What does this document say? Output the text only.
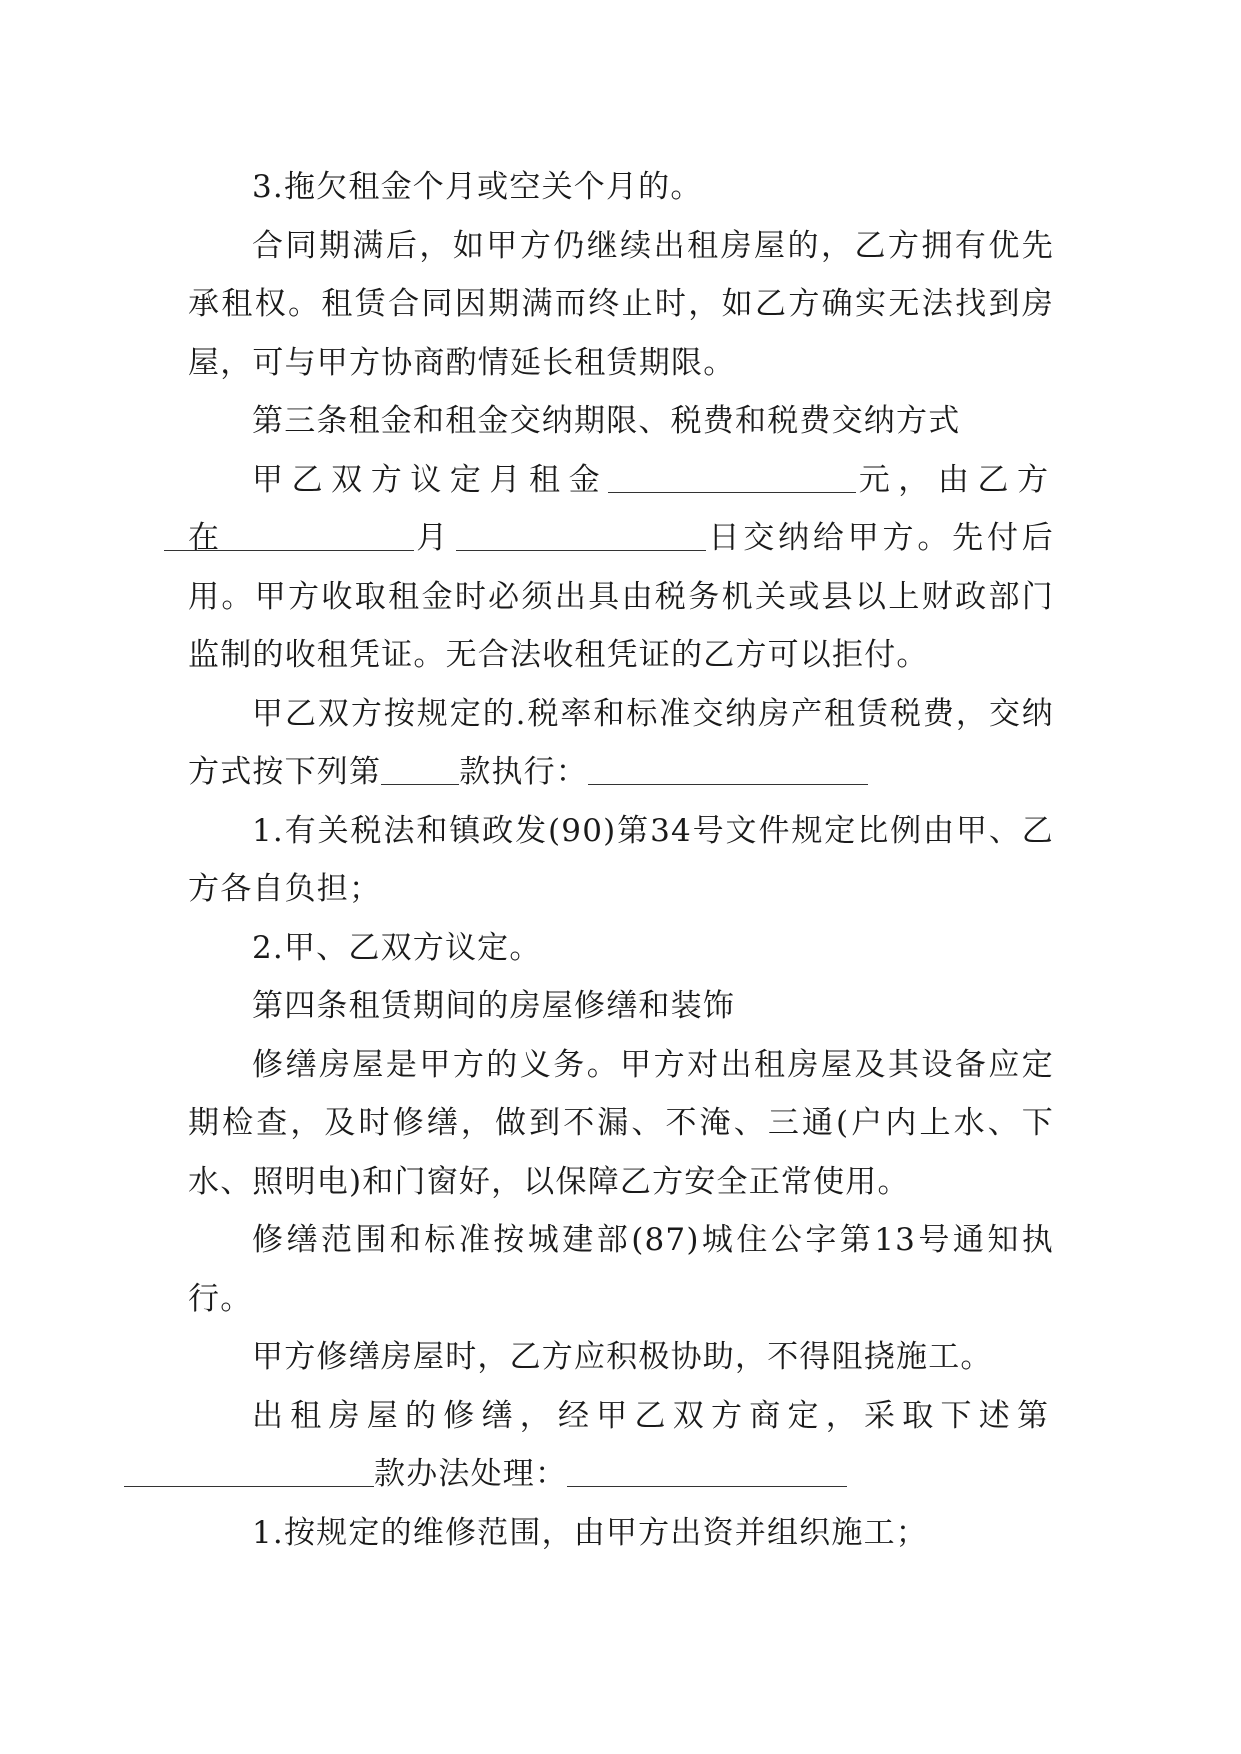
3.拖欠租金个月或空关个月的。

合同期满后，如甲方仍继续出租房屋的，乙方拥有优先承租权。租赁合同因期满而终止时，如乙方确实无法找到房屋，可与甲方协商酌情延长租赁期限。

第三条租金和租金交纳期限、税费和税费交纳方式

甲乙双方议定月租金	元，由乙方在	月	日交纳给甲方。先付后用。甲方收取租金时必须出具由税务机关或县以上财政部门监制的收租凭证。无合法收租凭证的乙方可以拒付。

甲乙双方按规定的.税率和标准交纳房产租赁税费，交纳方式按下列第	款执行：

1.有关税法和镇政发(90)第34号文件规定比例由甲、乙方各自负担；

2.甲、乙双方议定。

第四条租赁期间的房屋修缮和装饰

修缮房屋是甲方的义务。甲方对出租房屋及其设备应定期检查，及时修缮，做到不漏、不淹、三通(户内上水、下水、照明电)和门窗好，以保障乙方安全正常使用。

修缮范围和标准按城建部(87)城住公字第13号通知执行。

甲方修缮房屋时，乙方应积极协助，不得阻挠施工。

出租房屋的修缮，经甲乙双方商定，采取下述第款办法处理：

1.按规定的维修范围，由甲方出资并组织施工；
